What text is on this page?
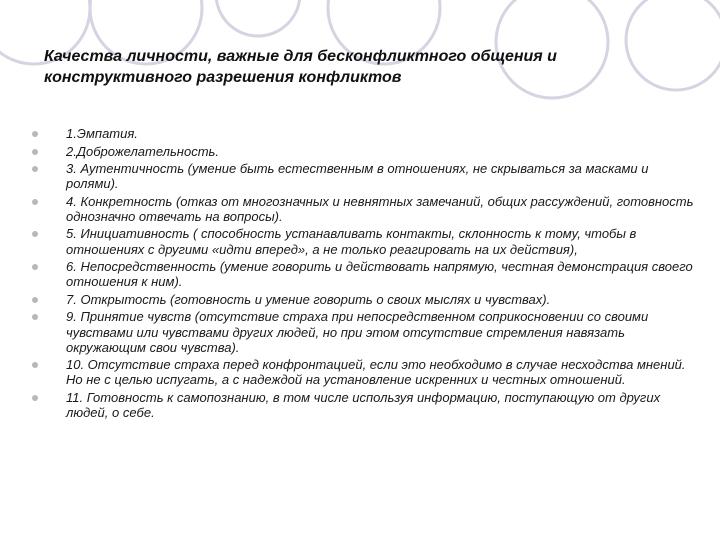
Качества личности, важные для бесконфликтного общения и конструктивного разрешения конфликтов
1.Эмпатия.
2.Доброжелательность.
3. Аутентичность (умение быть естественным в отношениях, не скрываться за масками и ролями).
4. Конкретность (отказ от многозначных и невнятных замечаний, общих рассуждений, готовность однозначно отвечать на вопросы).
5. Инициативность ( способность устанавливать контакты, склонность к тому, чтобы в отношениях с другими «идти вперед», а не только реагировать на их действия),
6. Непосредственность (умение говорить и действовать напрямую, честная демонстрация своего отношения к ним).
7. Открытость (готовность и умение говорить о своих мыслях и чувствах).
9. Принятие чувств (отсутствие страха при непосредственном соприкосновении со своими чувствами или чувствами других людей, но при этом отсутствие стремления навязать окружающим свои чувства).
10. Отсутствие страха перед конфронтацией, если это необходимо в случае несходства мнений. Но не с целью испугать, а с надеждой на установление искренних и честных отношений.
11. Готовность к самопознанию, в том числе используя информацию, поступающую от других людей, о себе.
